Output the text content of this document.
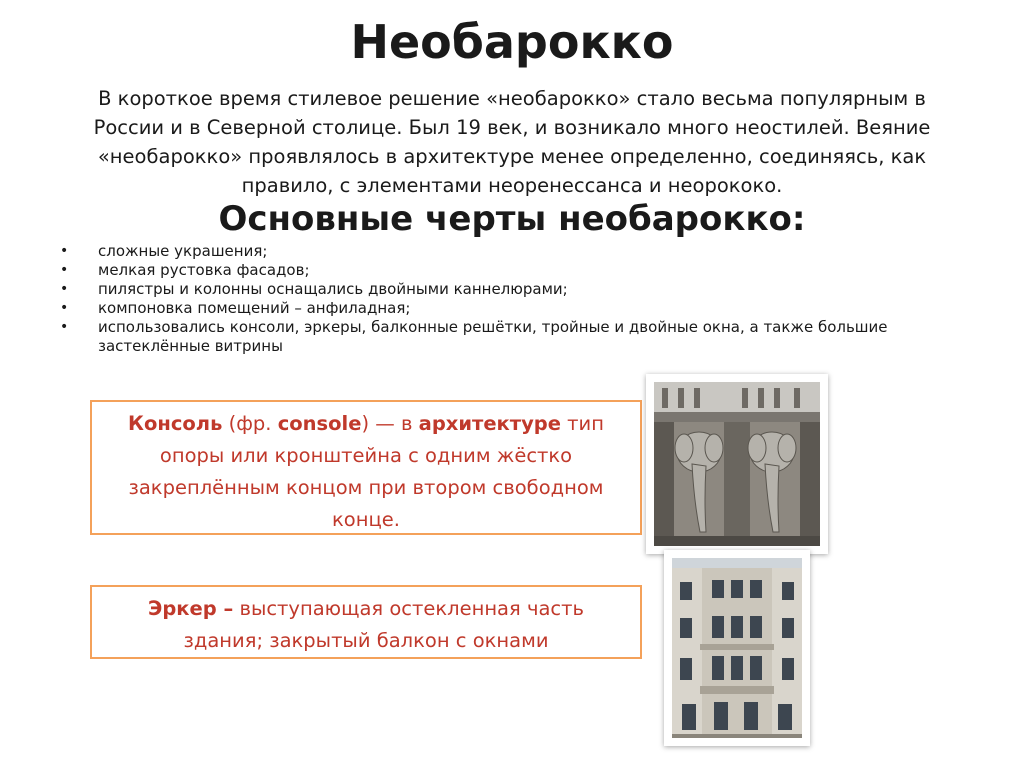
Необарокко
В короткое время стилевое решение «необарокко» стало весьма популярным в России и в Северной столице. Был 19 век, и возникало много неостилей. Веяние «необарокко» проявлялось в архитектуре менее определенно, соединяясь, как правило, с элементами неоренессанса и неорококо.
Основные черты необарокко:
• сложные украшения;
• мелкая рустовка фасадов;
• пилястры и колонны оснащались двойными каннелюрами;
• компоновка помещений – анфиладная;
• использовались консоли, эркеры, балконные решётки, тройные и двойные окна, а также большие застеклённые витрины
Консоль (фр. console) — в архитектуре тип опоры или кронштейна с одним жёстко закреплённым концом при втором свободном конце.
Эркер – выступающая остекленная часть здания; закрытый балкон с окнами
